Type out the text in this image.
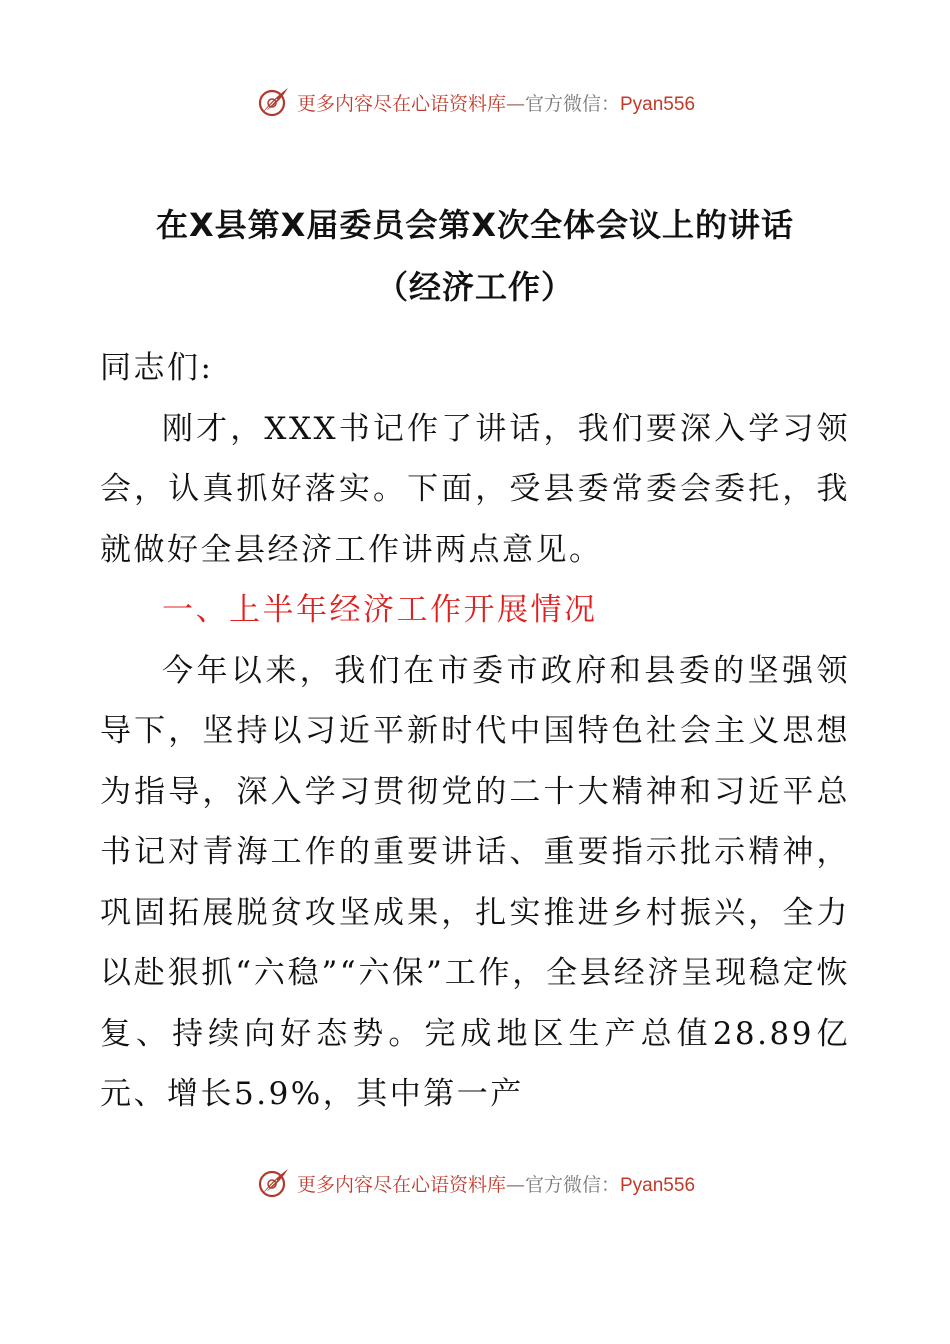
更多内容尽在心语资料库 — 官方微信： Pyan556
在X县第X届委员会第X次全体会议上的讲话
（经济工作）

同志们:

刚才，XXX书记作了讲话，我们要深入学习领会，认真抓好落实。下面，受县委常委会委托，我就做好全县经济工作讲两点意见。

一、上半年经济工作开展情况

今年以来，我们在市委市政府和县委的坚强领导下，坚持以习近平新时代中国特色社会主义思想为指导，深入学习贯彻党的二十大精神和习近平总书记对青海工作的重要讲话、重要指示批示精神，巩固拓展脱贫攻坚成果，扎实推进乡村振兴，全力以赴狠抓“六稳”“六保”工作，全县经济呈现稳定恢复、持续向好态势。完成地区生产总值28.89亿元、增长5.9%，其中第一产

更多内容尽在心语资料库 — 官方微信： Pyan556
